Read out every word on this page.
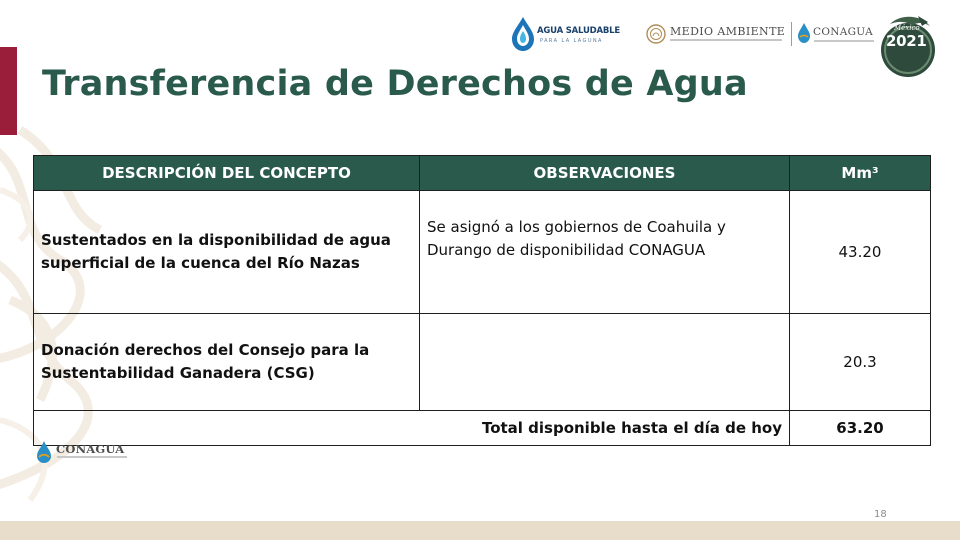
AGUA SALUDABLE
PARA LA LAGUNA
MEDIO AMBIENTE	CONAGUA	México
2021
Transferencia de Derechos de Agua
DESCRIPCIÓN DEL CONCEPTO	OBSERVACIONES	Mm³
Sustentados en la disponibilidad de agua superficial de la cuenca del Río Nazas	Se asignó a los gobiernos de Coahuila y Durango de disponibilidad CONAGUA	43.20
Donación derechos del Consejo para la Sustentabilidad Ganadera (CSG)		20.3
Total disponible hasta el día de hoy		63.20
CONAGUA
18
